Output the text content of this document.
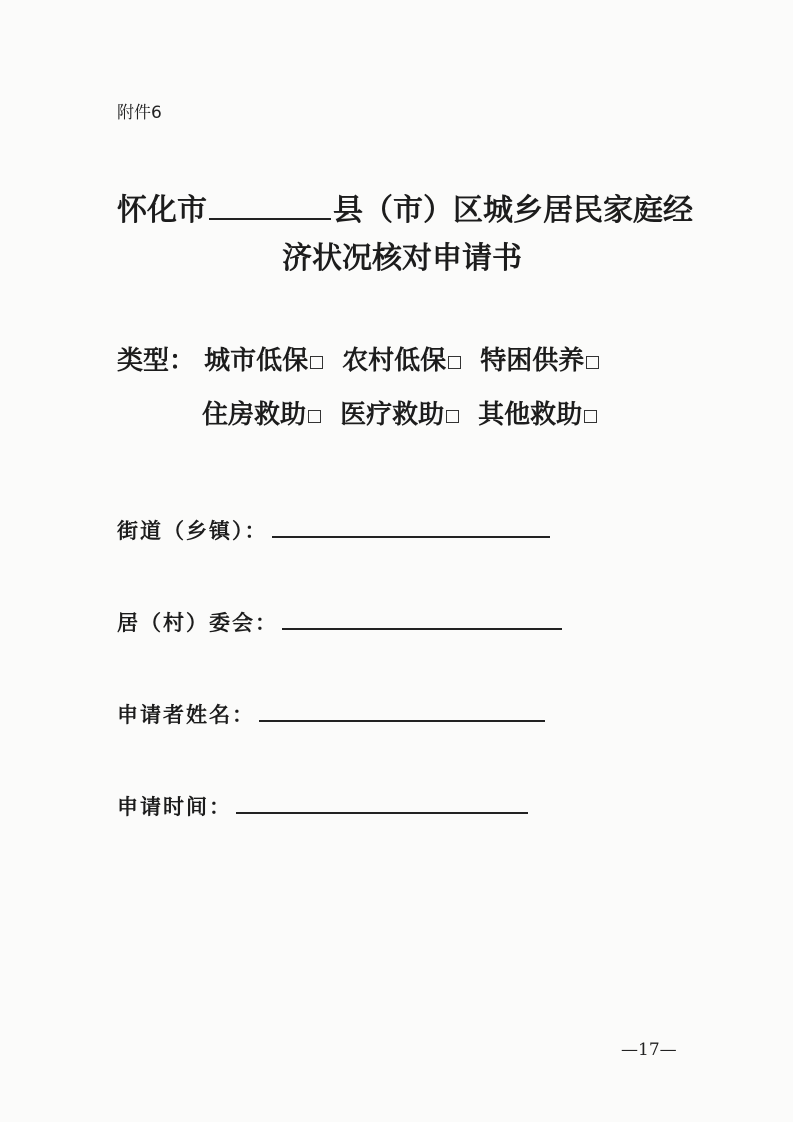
附件6
怀化市	县（市）区城乡居民家庭经
济状况核对申请书
类型： 城市低保 农村低保 特困供养
住房救助 医疗救助 其他救助
街道（乡镇）：
居（村）委会：
申请者姓名：
申请时间：
—17—
